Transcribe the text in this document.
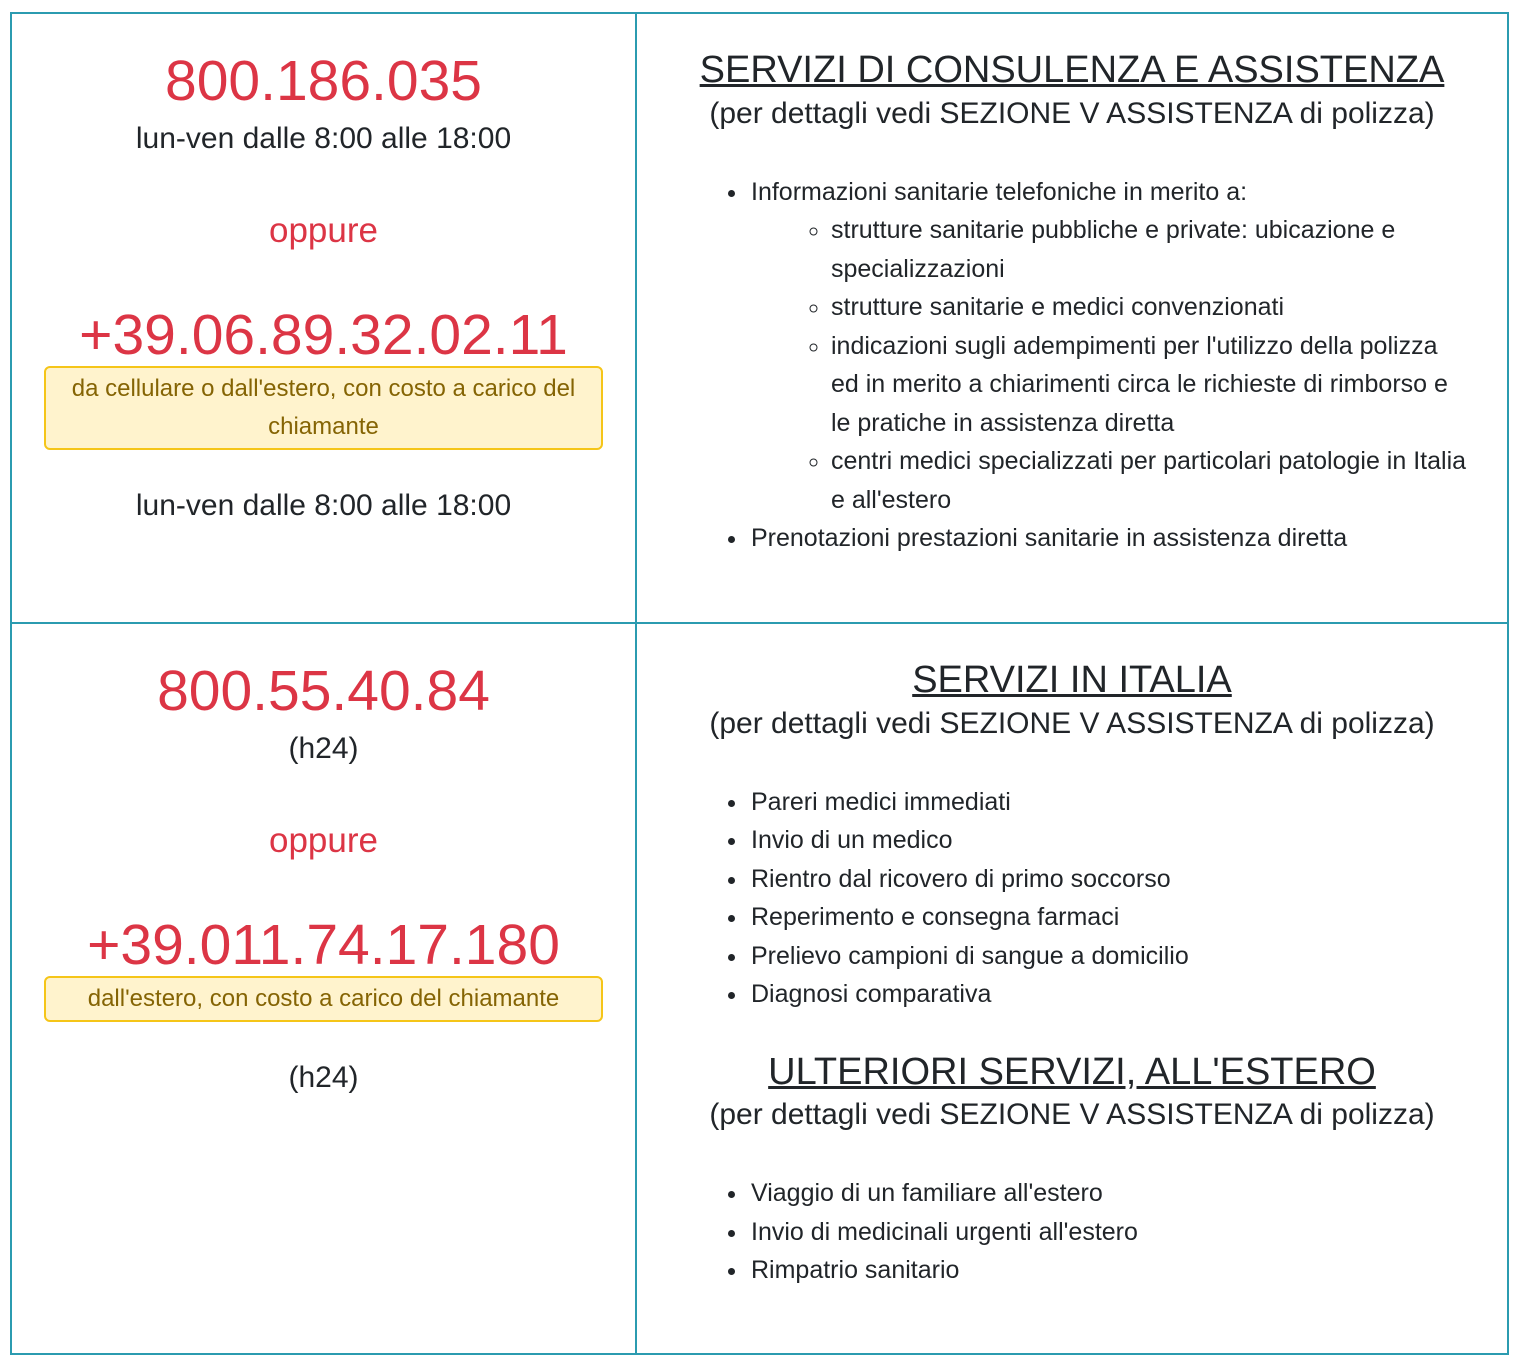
800.186.035

lun-ven dalle 8:00 alle 18:00

oppure

+39.06.89.32.02.11

da cellulare o dall'estero, con costo a carico del chiamante

lun-ven dalle 8:00 alle 18:00

SERVIZI DI CONSULENZA E ASSISTENZA

(per dettagli vedi SEZIONE V ASSISTENZA di polizza)

• Informazioni sanitarie telefoniche in merito a:
◦ strutture sanitarie pubbliche e private: ubicazione e specializzazioni
◦ strutture sanitarie e medici convenzionati
◦ indicazioni sugli adempimenti per l'utilizzo della polizza ed in merito a chiarimenti circa le richieste di rimborso e le pratiche in assistenza diretta
◦ centri medici specializzati per particolari patologie in Italia e all'estero
• Prenotazioni prestazioni sanitarie in assistenza diretta

800.55.40.84

(h24)

oppure

+39.011.74.17.180

dall'estero, con costo a carico del chiamante

(h24)

SERVIZI IN ITALIA

(per dettagli vedi SEZIONE V ASSISTENZA di polizza)

• Pareri medici immediati
• Invio di un medico
• Rientro dal ricovero di primo soccorso
• Reperimento e consegna farmaci
• Prelievo campioni di sangue a domicilio
• Diagnosi comparativa

ULTERIORI SERVIZI, ALL'ESTERO

(per dettagli vedi SEZIONE V ASSISTENZA di polizza)

• Viaggio di un familiare all'estero
• Invio di medicinali urgenti all'estero
• Rimpatrio sanitario
